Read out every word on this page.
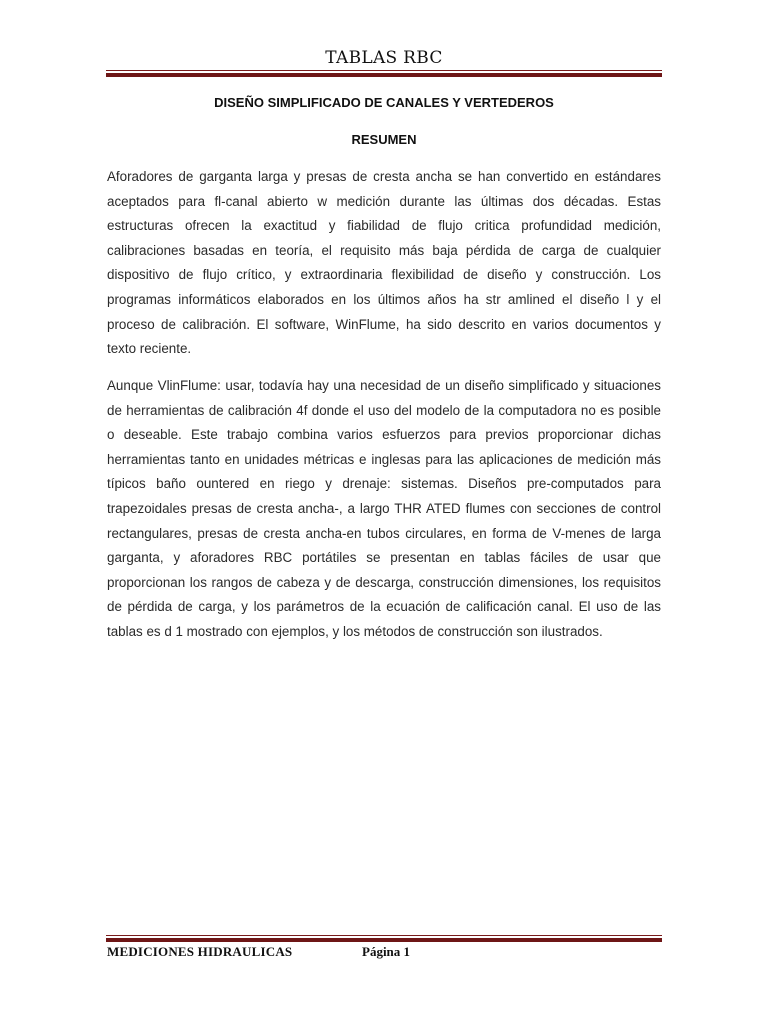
TABLAS RBC
DISEÑO SIMPLIFICADO DE CANALES Y VERTEDEROS
RESUMEN

Aforadores de garganta larga y presas de cresta ancha se han convertido en estándares aceptados para fl-canal abierto w medición durante las últimas dos décadas. Estas estructuras ofrecen la exactitud y fiabilidad de flujo critica profundidad medición, calibraciones basadas en teoría, el requisito más baja pérdida de carga de cualquier dispositivo de flujo crítico, y extraordinaria flexibilidad de diseño y construcción. Los programas informáticos elaborados en los últimos años ha str amlined el diseño l y el proceso de calibración. El software, WinFlume, ha sido descrito en varios documentos y texto reciente.

Aunque VlinFlume: usar, todavía hay una necesidad de un diseño simplificado y situaciones de herramientas de calibración 4f donde el uso del modelo de la computadora no es posible o deseable. Este trabajo combina varios esfuerzos para previos proporcionar dichas herramientas tanto en unidades métricas e inglesas para las aplicaciones de medición más típicos baño ountered en riego y drenaje: sistemas. Diseños pre-computados para trapezoidales presas de cresta ancha-, a largo THR ATED flumes con secciones de control rectangulares, presas de cresta ancha-en tubos circulares, en forma de V-menes de larga garganta, y aforadores RBC portátiles se presentan en tablas fáciles de usar que proporcionan los rangos de cabeza y de descarga, construcción dimensiones, los requisitos de pérdida de carga, y los parámetros de la ecuación de calificación canal. El uso de las tablas es d 1 mostrado con ejemplos, y los métodos de construcción son ilustrados.

MEDICIONES HIDRAULICAS	Página 1
